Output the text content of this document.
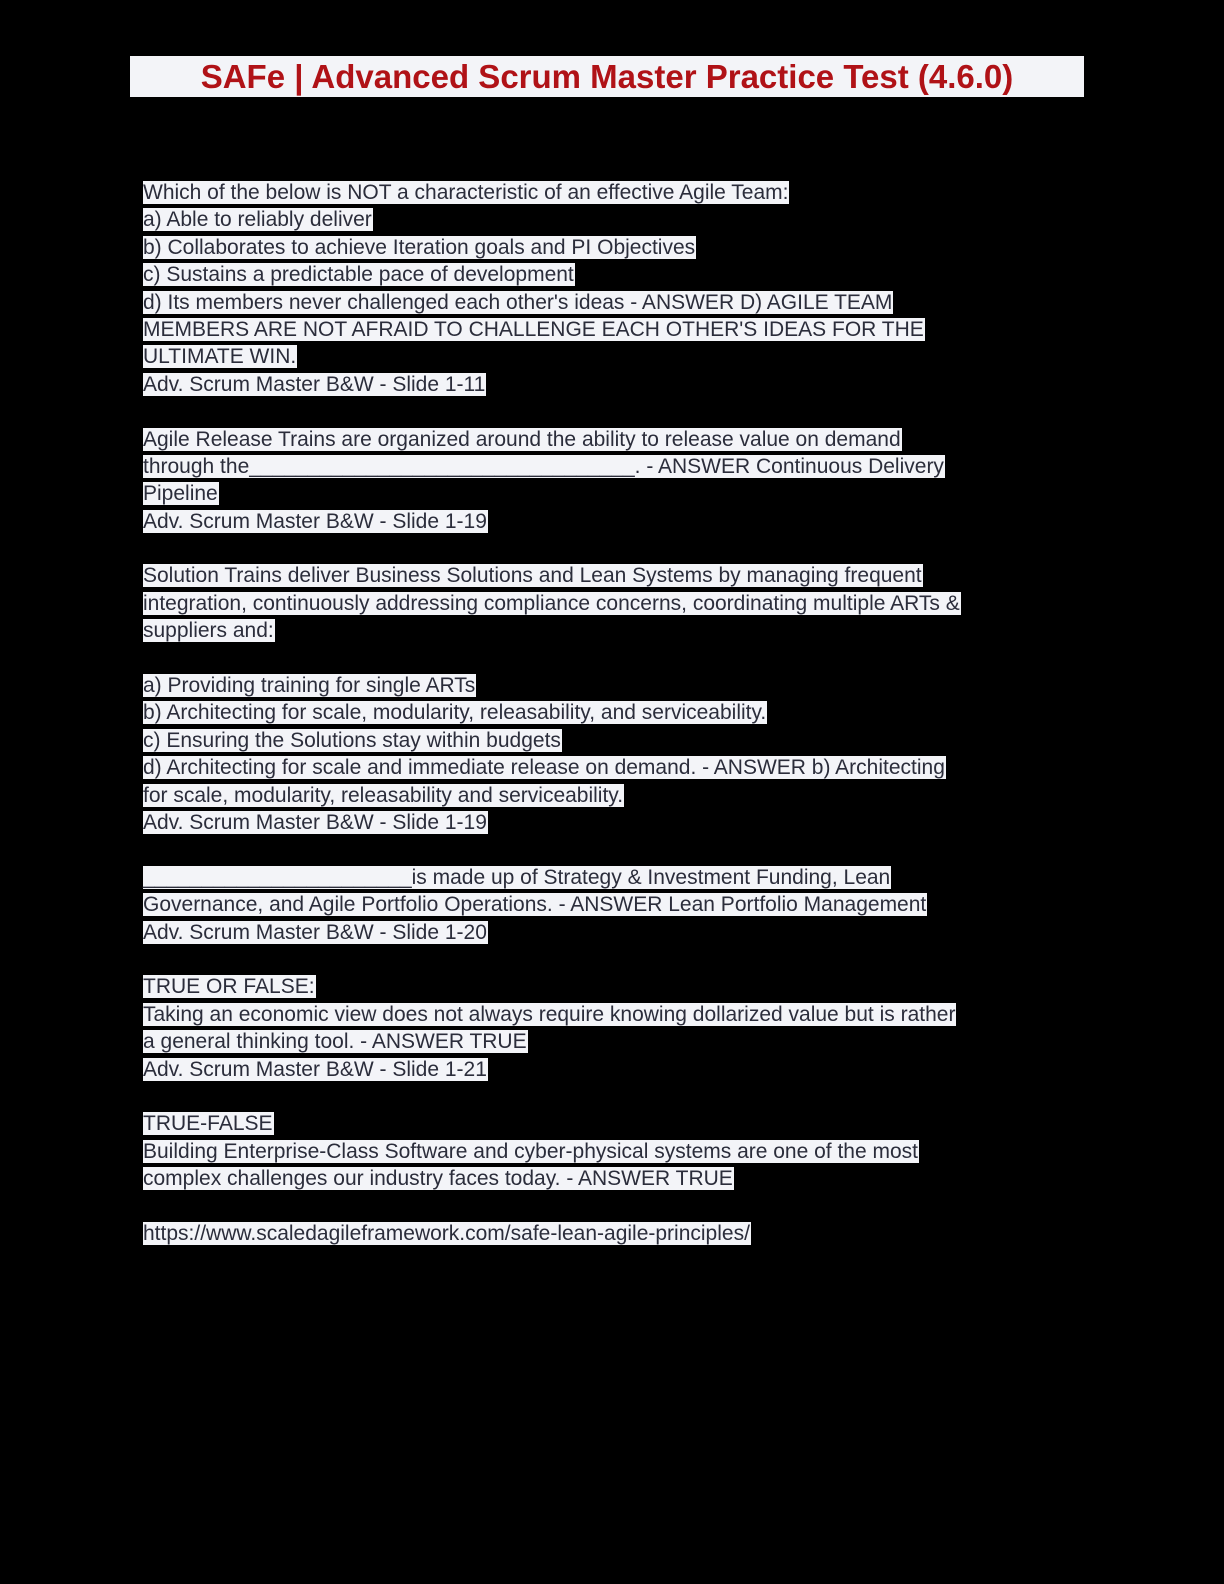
SAFe | Advanced Scrum Master Practice Test (4.6.0)
Which of the below is NOT a characteristic of an effective Agile Team:
a) Able to reliably deliver
b) Collaborates to achieve Iteration goals and PI Objectives
c) Sustains a predictable pace of development
d) Its members never challenged each other's ideas - ANSWER D) AGILE TEAM
MEMBERS ARE NOT AFRAID TO CHALLENGE EACH OTHER'S IDEAS FOR THE
ULTIMATE WIN.
Adv. Scrum Master B&W - Slide 1-11
Agile Release Trains are organized around the ability to release value on demand
through the_________________________________. - ANSWER Continuous Delivery
Pipeline
Adv. Scrum Master B&W - Slide 1-19
Solution Trains deliver Business Solutions and Lean Systems by managing frequent
integration, continuously addressing compliance concerns, coordinating multiple ARTs &
suppliers and:
a) Providing training for single ARTs
b) Architecting for scale, modularity, releasability, and serviceability.
c) Ensuring the Solutions stay within budgets
d) Architecting for scale and immediate release on demand. - ANSWER b) Architecting
for scale, modularity, releasability and serviceability.
Adv. Scrum Master B&W - Slide 1-19
_______________________is made up of Strategy & Investment Funding, Lean
Governance, and Agile Portfolio Operations. - ANSWER Lean Portfolio Management
Adv. Scrum Master B&W - Slide 1-20
TRUE OR FALSE:
Taking an economic view does not always require knowing dollarized value but is rather
a general thinking tool. - ANSWER TRUE
Adv. Scrum Master B&W - Slide 1-21
TRUE-FALSE
Building Enterprise-Class Software and cyber-physical systems are one of the most
complex challenges our industry faces today. - ANSWER TRUE
https://www.scaledagileframework.com/safe-lean-agile-principles/
